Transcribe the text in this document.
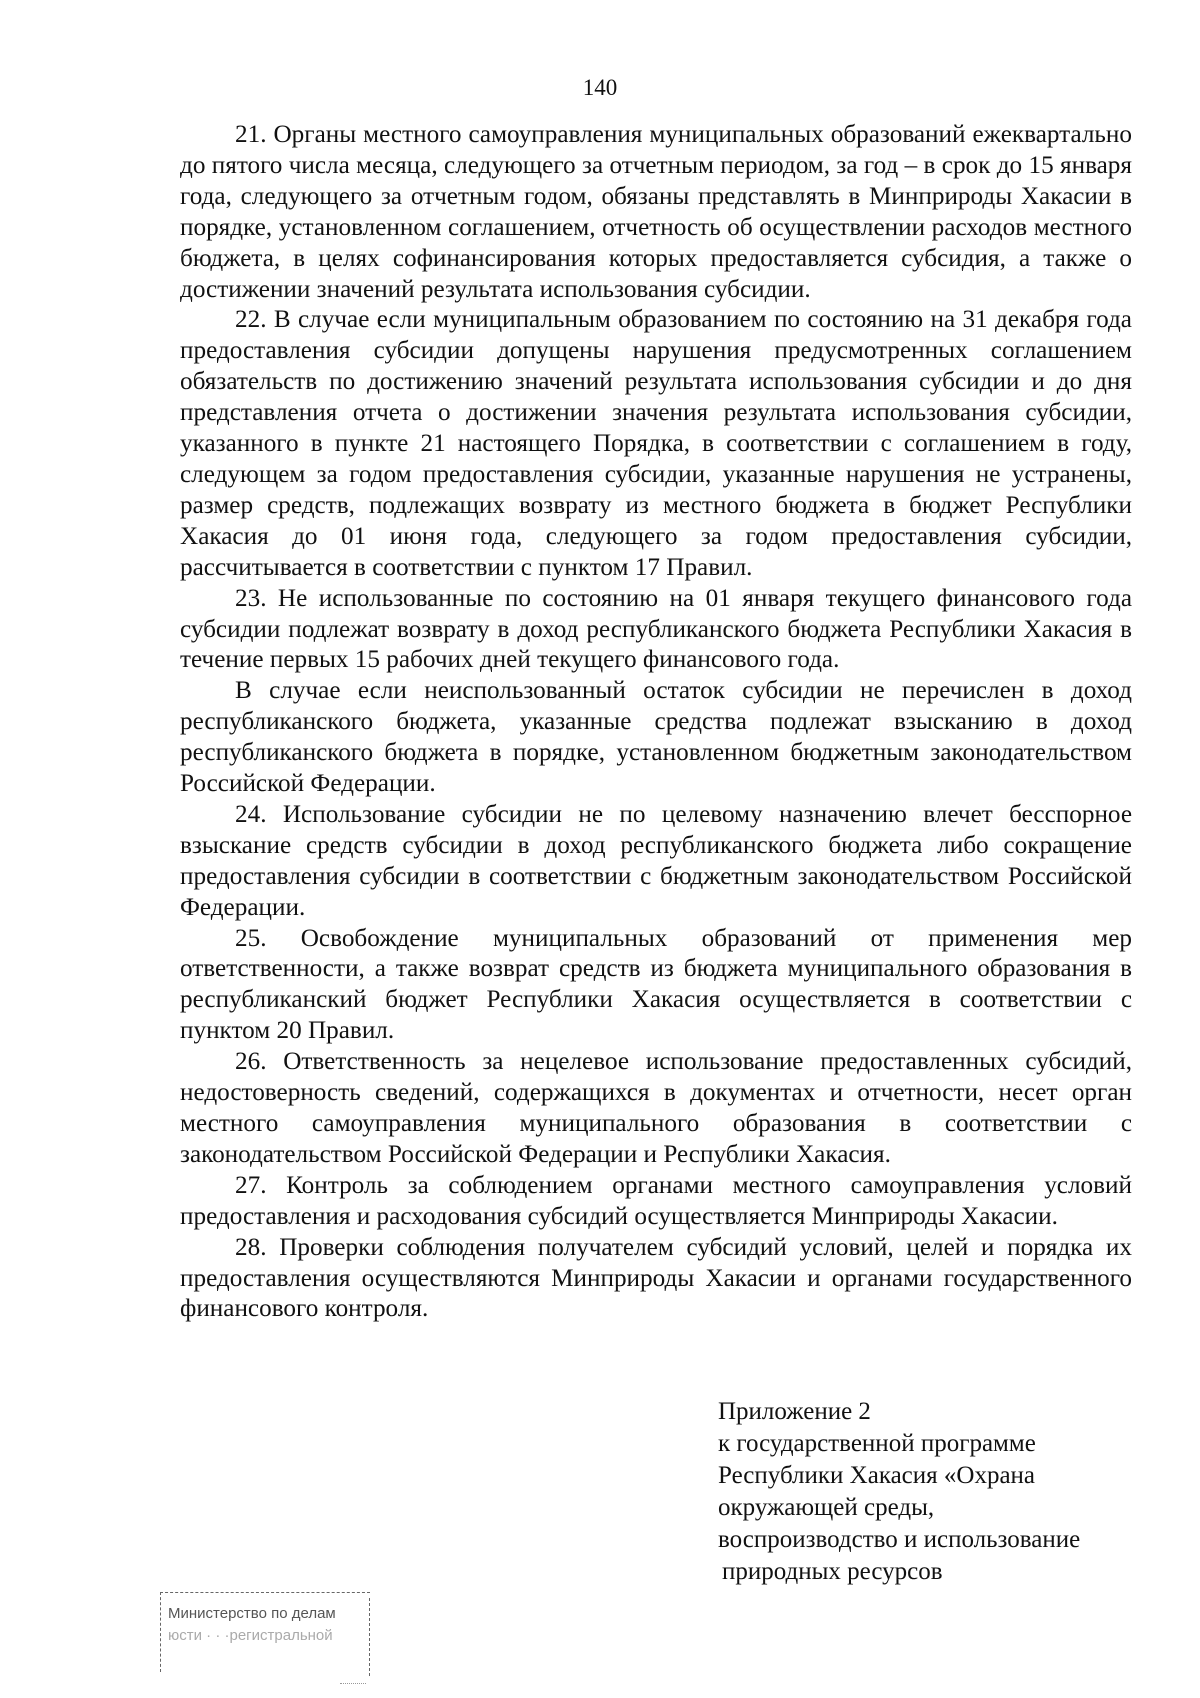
140

21. Органы местного самоуправления муниципальных образований ежеквартально до пятого числа месяца, следующего за отчетным периодом, за год – в срок до 15 января года, следующего за отчетным годом, обязаны представлять в Минприроды Хакасии в порядке, установленном соглашением, отчетность об осуществлении расходов местного бюджета, в целях софинансирования которых предоставляется субсидия, а также о достижении значений результата использования субсидии.

22. В случае если муниципальным образованием по состоянию на 31 декабря года предоставления субсидии допущены нарушения предусмотренных соглашением обязательств по достижению значений результата использования субсидии и до дня представления отчета о достижении значения результата использования субсидии, указанного в пункте 21 настоящего Порядка, в соответствии с соглашением в году, следующем за годом предоставления субсидии, указанные нарушения не устранены, размер средств, подлежащих возврату из местного бюджета в бюджет Республики Хакасия до 01 июня года, следующего за годом предоставления субсидии, рассчитывается в соответствии с пунктом 17 Правил.

23. Не использованные по состоянию на 01 января текущего финансового года субсидии подлежат возврату в доход республиканского бюджета Республики Хакасия в течение первых 15 рабочих дней текущего финансового года.

В случае если неиспользованный остаток субсидии не перечислен в доход республиканского бюджета, указанные средства подлежат взысканию в доход республиканского бюджета в порядке, установленном бюджетным законодательством Российской Федерации.

24. Использование субсидии не по целевому назначению влечет бесспорное взыскание средств субсидии в доход республиканского бюджета либо сокращение предоставления субсидии в соответствии с бюджетным законодательством Российской Федерации.

25. Освобождение муниципальных образований от применения мер ответственности, а также возврат средств из бюджета муниципального образования в республиканский бюджет Республики Хакасия осуществляется в соответствии с пунктом 20 Правил.

26. Ответственность за нецелевое использование предоставленных субсидий, недостоверность сведений, содержащихся в документах и отчетности, несет орган местного самоуправления муниципального образования в соответствии с законодательством Российской Федерации и Республики Хакасия.

27. Контроль за соблюдением органами местного самоуправления условий предоставления и расходования субсидий осуществляется Минприроды Хакасии.

28. Проверки соблюдения получателем субсидий условий, целей и порядка их предоставления осуществляются Минприроды Хакасии и органами государственного финансового контроля.

Приложение 2
к государственной программе
Республики Хакасия «Охрана
окружающей среды,
воспроизводство и использование
природных ресурсов
Министерство по делам
юсти · · ·регистральной
